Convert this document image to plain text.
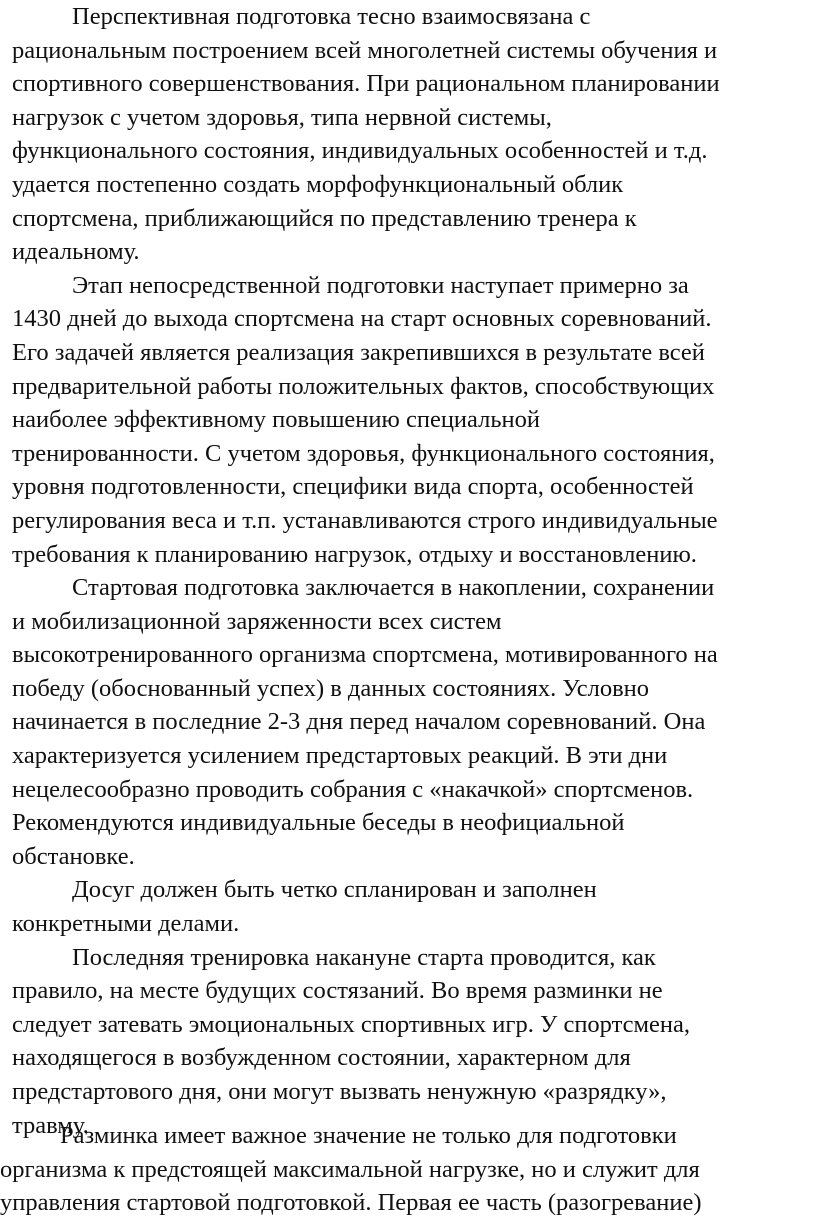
Перспективная подготовка тесно взаимосвязана с
рациональным построением всей многолетней системы обучения и
спортивного совершенствования. При рациональном планировании
нагрузок с учетом здоровья, типа нервной системы,
функционального состояния, индивидуальных особенностей и т.д.
удается постепенно создать морфофункциональный облик
спортсмена, приближающийся по представлению тренера к
идеальному.
Этап непосредственной подготовки наступает примерно за
1430 дней до выхода спортсмена на старт основных соревнований.
Его задачей является реализация закрепившихся в результате всей
предварительной работы положительных фактов, способствующих
наиболее эффективному повышению специальной
тренированности. С учетом здоровья, функционального состояния,
уровня подготовленности, специфики вида спорта, особенностей
регулирования веса и т.п. устанавливаются строго индивидуальные
требования к планированию нагрузок, отдыху и восстановлению.
Стартовая подготовка заключается в накоплении, сохранении
и мобилизационной заряженности всех систем
высокотренированного организма спортсмена, мотивированного на
победу (обоснованный успех) в данных состояниях. Условно
начинается в последние 2-3 дня перед началом соревнований. Она
характеризуется усилением предстартовых реакций. В эти дни
нецелесообразно проводить собрания с «накачкой» спортсменов.
Рекомендуются индивидуальные беседы в неофициальной
обстановке.
Досуг должен быть четко спланирован и заполнен
конкретными делами.
Последняя тренировка накануне старта проводится, как
правило, на месте будущих состязаний. Во время разминки не
следует затевать эмоциональных спортивных игр. У спортсмена,
находящегося в возбужденном состоянии, характерном для
предстартового дня, они могут вызвать ненужную «разрядку»,
травму.
Разминка имеет важное значение не только для подготовки
организма к предстоящей максимальной нагрузке, но и служит для
управления стартовой подготовкой. Первая ее часть (разогревание)
